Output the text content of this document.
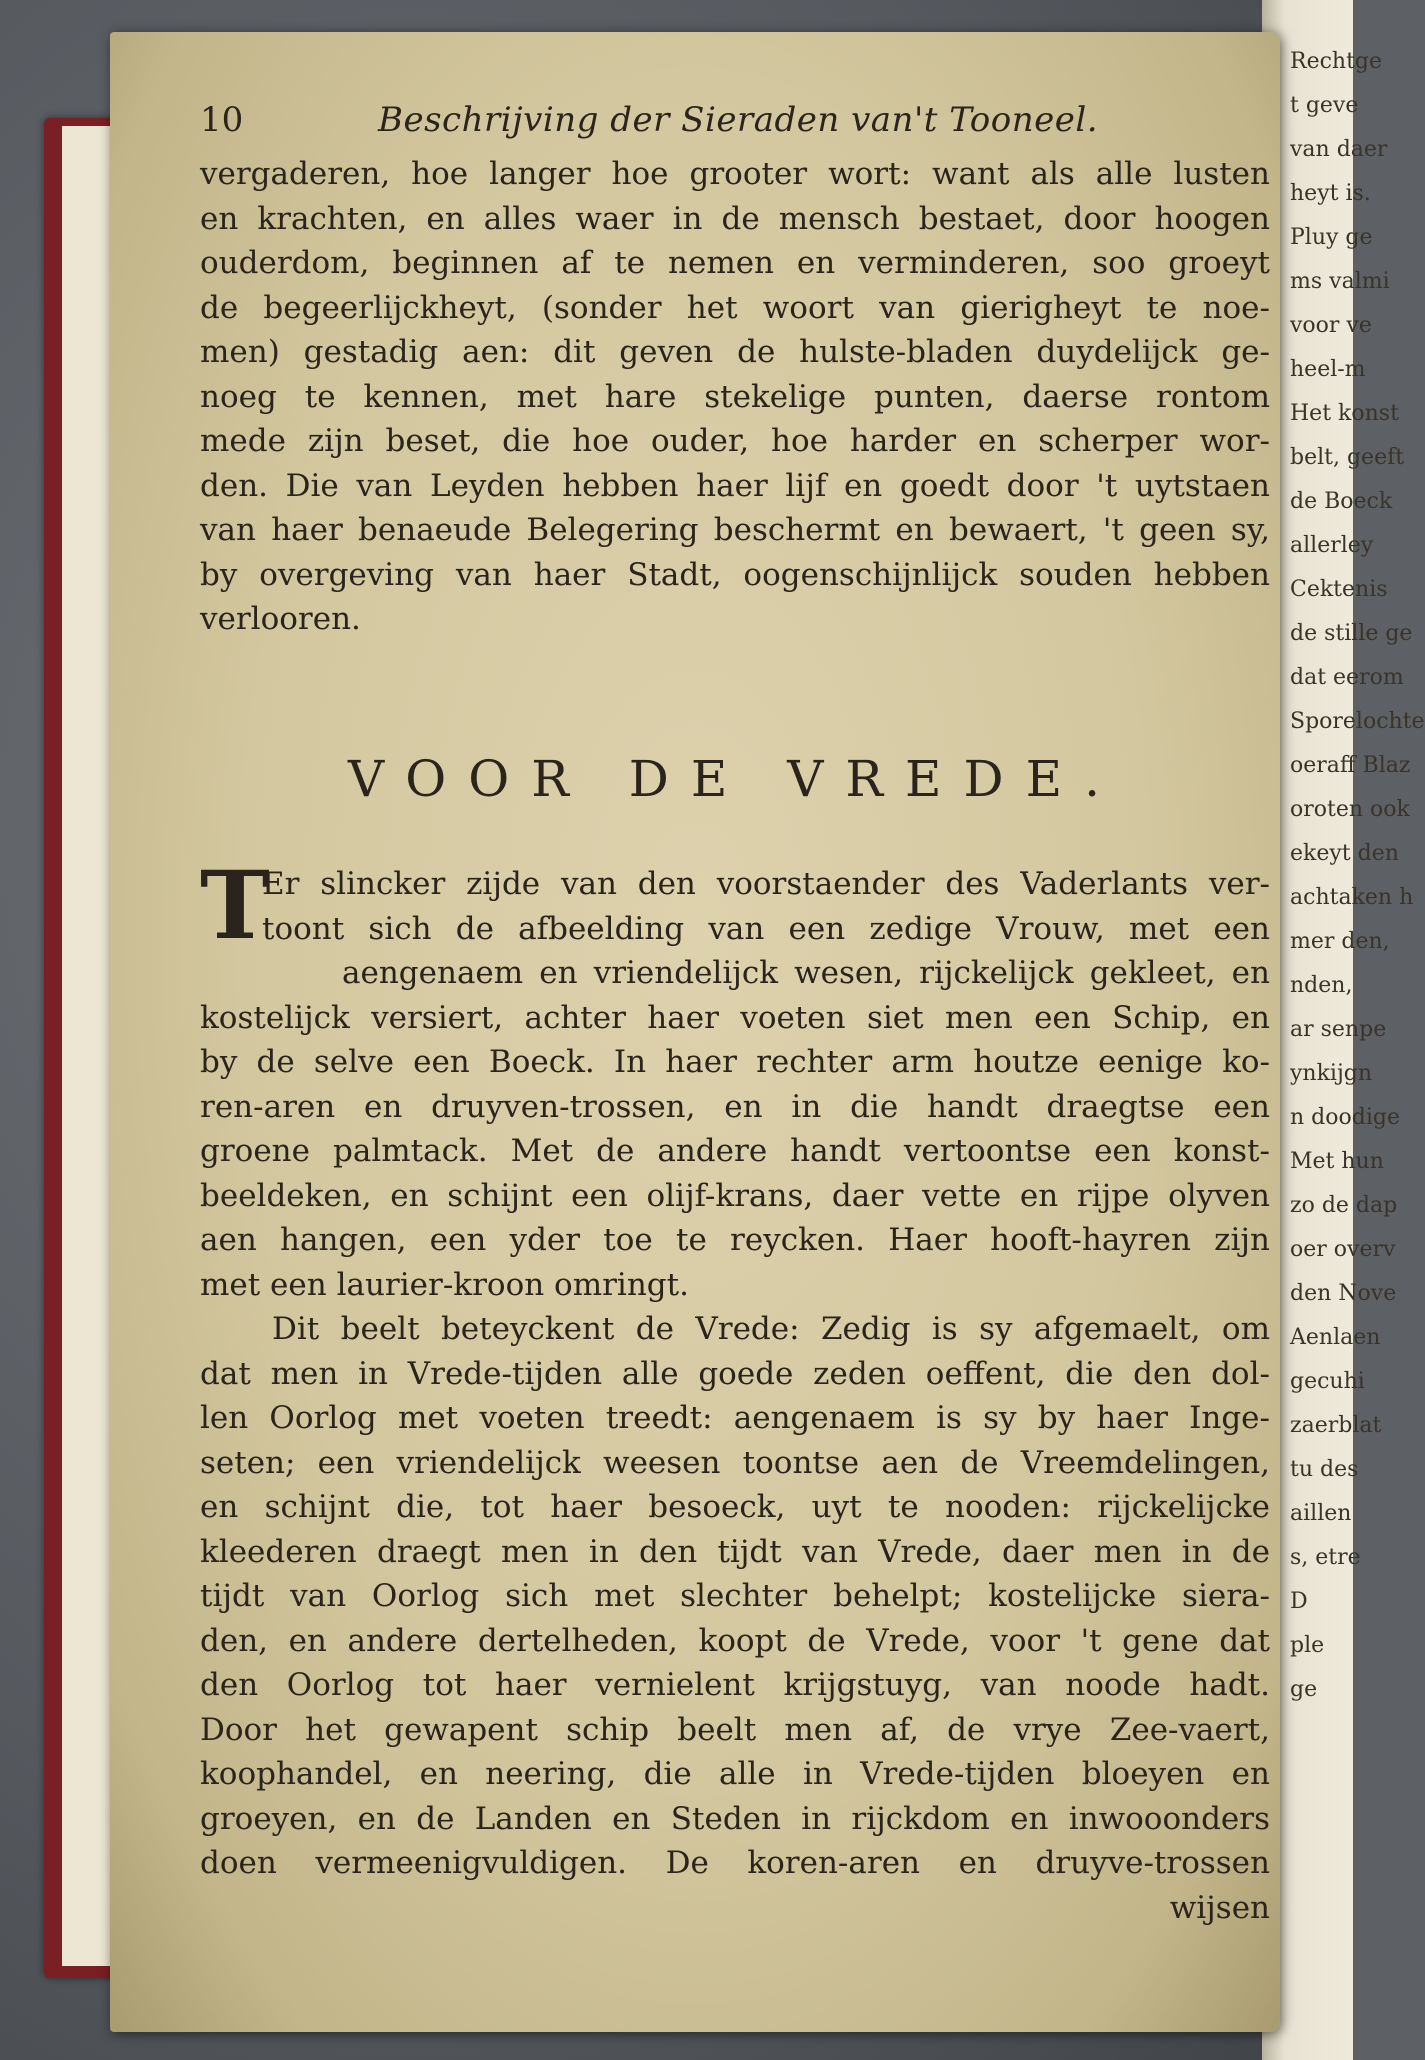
Rechtge
t geve
van daer
heyt is.
Pluy ge
ms valmi
voor ve
heel-m
Het konst
belt, geeft
de Boeck
allerley
Cektenis
de stille ge
dat eerom
Sporelochte
oeraff Blaz
oroten ook
ekeyt den
achtaken h
mer den,
nden,
ar senpe
ynkijgn
n doodige
Met hun
zo de dap
oer overv
den Nove
Aenlaen
gecuhi
zaerblat
tu des
aillen
s, etre
D
ple
ge
10	Beschrijving der Sieraden van't Tooneel.
vergaderen, hoe langer hoe grooter wort: want als alle lusten
en krachten, en alles waer in de mensch bestaet, door hoogen
ouderdom, beginnen af te nemen en verminderen, soo groeyt
de begeerlijckheyt, (sonder het woort van gierigheyt te noe-
men) gestadig aen: dit geven de hulste-bladen duydelijck ge-
noeg te kennen, met hare stekelige punten, daerse rontom
mede zijn beset, die hoe ouder, hoe harder en scherper wor-
den. Die van Leyden hebben haer lijf en goedt door 't uytstaen
van haer benaeude Belegering beschermt en bewaert, 't geen sy,
by overgeving van haer Stadt, oogenschijnlijck souden hebben
verlooren.
VOOR DE VREDE.
T
Er slincker zijde van den voorstaender des Vaderlants ver-
toont sich de afbeelding van een zedige Vrouw, met een
aengenaem en vriendelijck wesen, rijckelijck gekleet, en
kostelijck versiert, achter haer voeten siet men een Schip, en
by de selve een Boeck. In haer rechter arm houtze eenige ko-
ren-aren en druyven-trossen, en in die handt draegtse een
groene palmtack. Met de andere handt vertoontse een konst-
beeldeken, en schijnt een olijf-krans, daer vette en rijpe olyven
aen hangen, een yder toe te reycken. Haer hooft-hayren zijn
met een laurier-kroon omringt.
Dit beelt beteyckent de Vrede: Zedig is sy afgemaelt, om
dat men in Vrede-tijden alle goede zeden oeffent, die den dol-
len Oorlog met voeten treedt: aengenaem is sy by haer Inge-
seten; een vriendelijck weesen toontse aen de Vreemdelingen,
en schijnt die, tot haer besoeck, uyt te nooden: rijckelijcke
kleederen draegt men in den tijdt van Vrede, daer men in de
tijdt van Oorlog sich met slechter behelpt; kostelijcke siera-
den, en andere dertelheden, koopt de Vrede, voor 't gene dat
den Oorlog tot haer vernielent krijgstuyg, van noode hadt.
Door het gewapent schip beelt men af, de vrye Zee-vaert,
koophandel, en neering, die alle in Vrede-tijden bloeyen en
groeyen, en de Landen en Steden in rijckdom en inwooonders
doen vermeenigvuldigen. De koren-aren en druyve-trossen
wijsen
